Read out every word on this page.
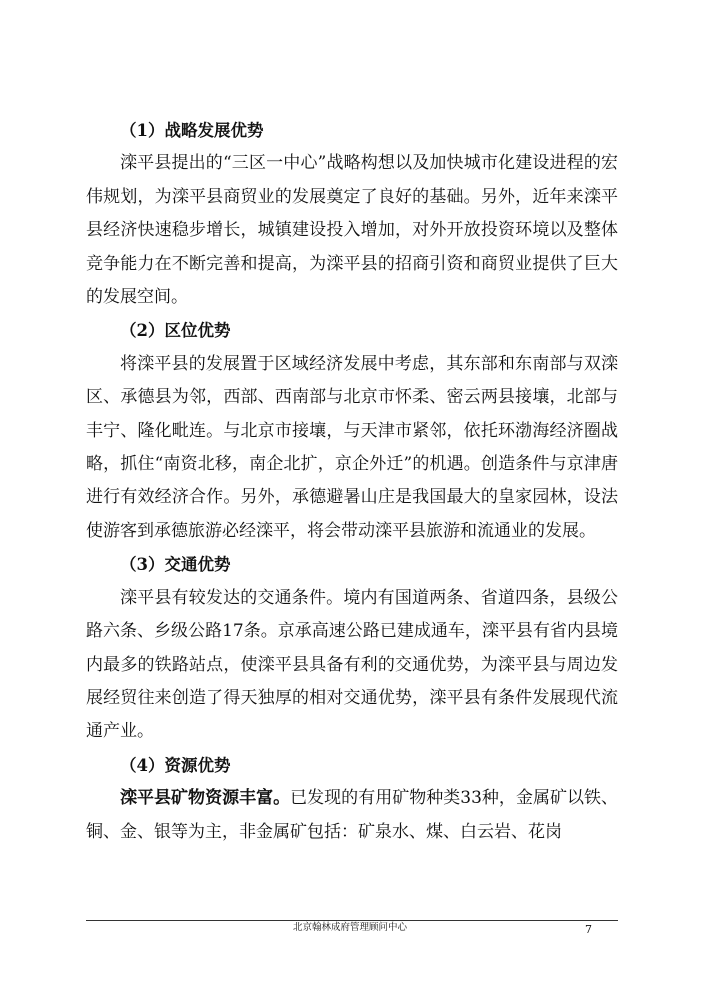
（1）战略发展优势

滦平县提出的“三区一中心”战略构想以及加快城市化建设进程的宏伟规划，为滦平县商贸业的发展奠定了良好的基础。另外，近年来滦平县经济快速稳步增长，城镇建设投入增加，对外开放投资环境以及整体竞争能力在不断完善和提高，为滦平县的招商引资和商贸业提供了巨大的发展空间。

（2）区位优势

将滦平县的发展置于区域经济发展中考虑，其东部和东南部与双滦区、承德县为邻，西部、西南部与北京市怀柔、密云两县接壤，北部与丰宁、隆化毗连。与北京市接壤，与天津市紧邻，依托环渤海经济圈战略，抓住“南资北移，南企北扩，京企外迁”的机遇。创造条件与京津唐进行有效经济合作。另外，承德避暑山庄是我国最大的皇家园林，设法使游客到承德旅游必经滦平，将会带动滦平县旅游和流通业的发展。

（3）交通优势

滦平县有较发达的交通条件。境内有国道两条、省道四条，县级公路六条、乡级公路17条。京承高速公路已建成通车，滦平县有省内县境内最多的铁路站点，使滦平县具备有利的交通优势，为滦平县与周边发展经贸往来创造了得天独厚的相对交通优势，滦平县有条件发展现代流通产业。

（4）资源优势

滦平县矿物资源丰富。已发现的有用矿物种类33种，金属矿以铁、铜、金、银等为主，非金属矿包括：矿泉水、煤、白云岩、花岗

北京翰林成府管理顾问中心	7
